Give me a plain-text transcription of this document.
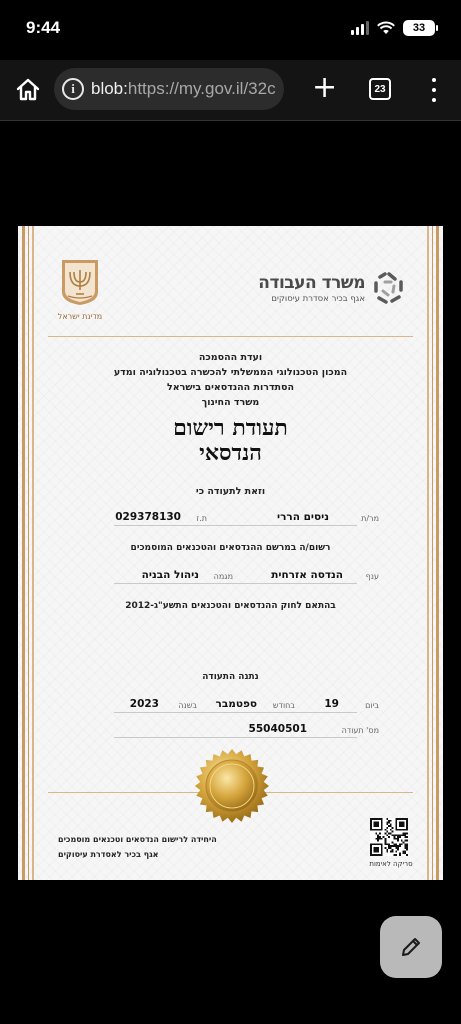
9:44	33
i blob:https://my.gov.il/32c +	23
משרד העבודה
אגף בכיר אסדרת עיסוקים
מדינת ישראל
ועדת ההסמכה
המכון הטכנולוגי הממשלתי להכשרה בטכנולוגיה ומדע
הסתדרות ההנדסאים בישראל
משרד החינוך
תעודת רישום
הנדסאי
וזאת לתעודה כי
מר/ת
ניסים הררי
ת.ז
029378130
רשום/ה במרשם ההנדסאים והטכנאים המוסמכים
ענף
הנדסה אזרחית
מגמה
ניהול הבניה
בהתאם לחוק ההנדסאים והטכנאים התשע"ג-2012
נתנה התעודה
ביום
19
בחודש
ספטמבר
בשנה
2023
מס' תעודה
55040501
סריקה לאימות
היחידה לרישום הנדסאים וטכנאים מוסמכים
אגף בכיר לאסדרת עיסוקים
